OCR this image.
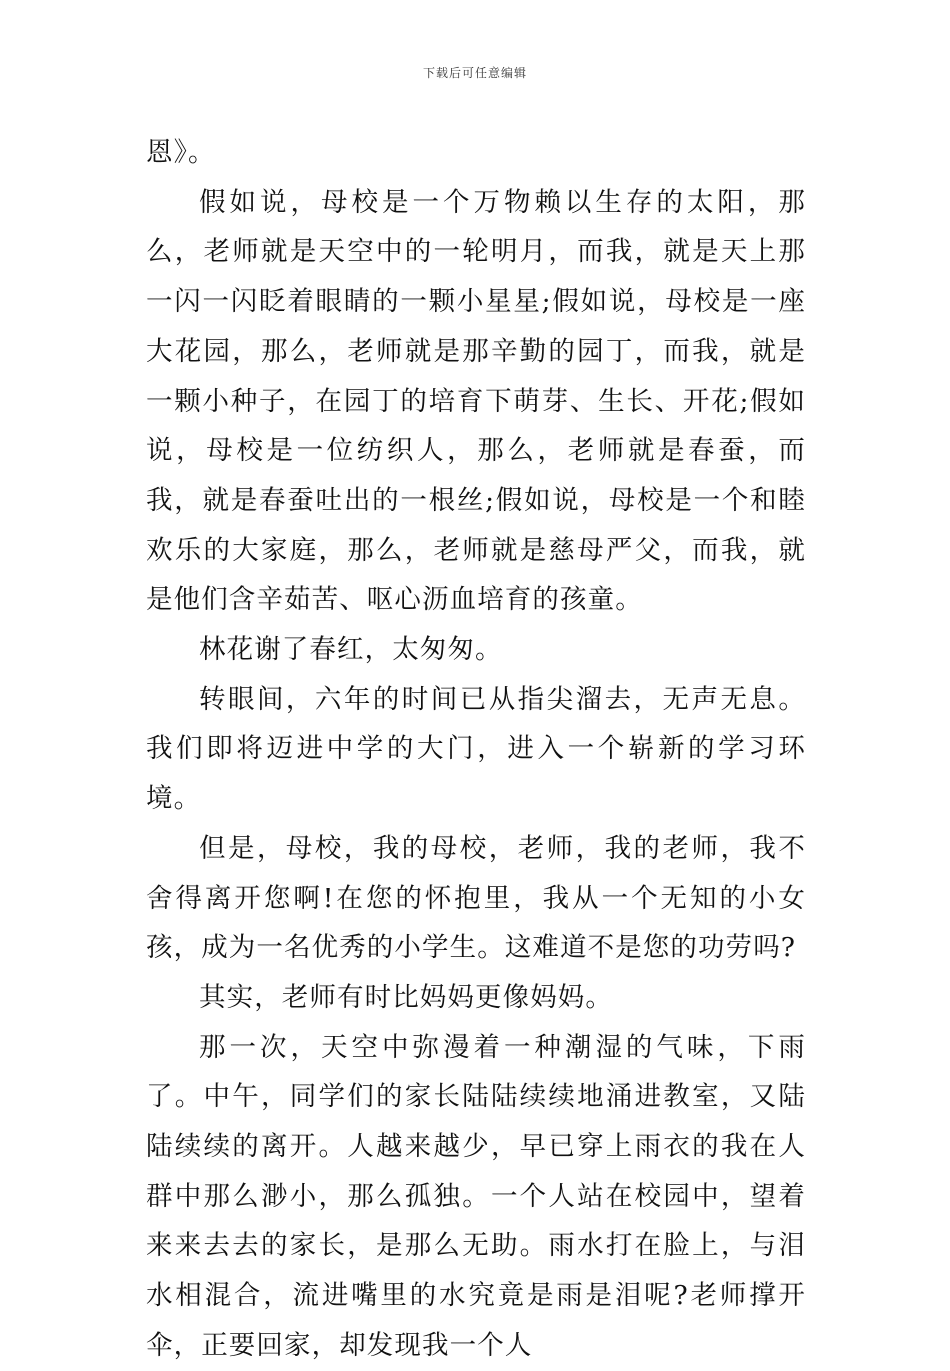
下载后可任意编辑

恩》。

假如说，母校是一个万物赖以生存的太阳，那么，老师就是天空中的一轮明月，而我，就是天上那一闪一闪眨着眼睛的一颗小星星;假如说，母校是一座大花园，那么，老师就是那辛勤的园丁，而我，就是一颗小种子，在园丁的培育下萌芽、生长、开花;假如说，母校是一位纺织人，那么，老师就是春蚕，而我，就是春蚕吐出的一根丝;假如说，母校是一个和睦欢乐的大家庭，那么，老师就是慈母严父，而我，就是他们含辛茹苦、呕心沥血培育的孩童。

林花谢了春红，太匆匆。

转眼间，六年的时间已从指尖溜去，无声无息。我们即将迈进中学的大门，进入一个崭新的学习环境。

但是，母校，我的母校，老师，我的老师，我不舍得离开您啊!在您的怀抱里，我从一个无知的小女孩，成为一名优秀的小学生。这难道不是您的功劳吗?

其实，老师有时比妈妈更像妈妈。

那一次，天空中弥漫着一种潮湿的气味，下雨了。中午，同学们的家长陆陆续续地涌进教室，又陆陆续续的离开。人越来越少，早已穿上雨衣的我在人群中那么渺小，那么孤独。一个人站在校园中，望着来来去去的家长，是那么无助。雨水打在脸上，与泪水相混合，流进嘴里的水究竟是雨是泪呢?老师撑开伞，正要回家，却发现我一个人
